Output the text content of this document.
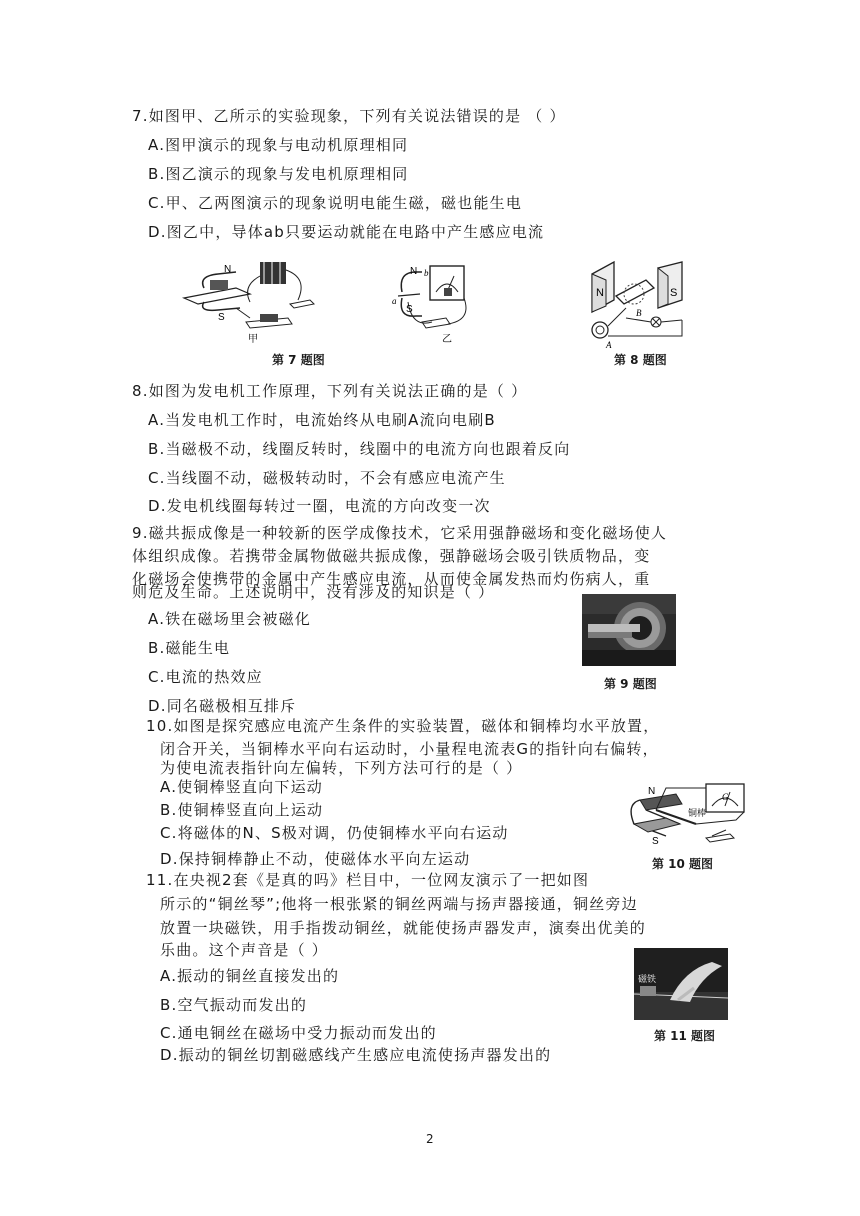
7.如图甲、乙所示的实验现象，下列有关说法错误的是 （ ）
A.图甲演示的现象与电动机原理相同
B.图乙演示的现象与发电机原理相同
C.甲、乙两图演示的现象说明电能生磁，磁也能生电
D.图乙中，导体ab只要运动就能在电路中产生感应电流
N
S
甲
N
S
a
b
乙
第 7 题图
N	S
A
B
第 8 题图
8.如图为发电机工作原理，下列有关说法正确的是（ ）
A.当发电机工作时，电流始终从电刷A流向电刷B
B.当磁极不动，线圈反转时，线圈中的电流方向也跟着反向
C.当线圈不动，磁极转动时，不会有感应电流产生
D.发电机线圈每转过一圈，电流的方向改变一次
9.磁共振成像是一种较新的医学成像技术，它采用强静磁场和变化磁场使人
体组织成像。若携带金属物做磁共振成像，强静磁场会吸引铁质物品，变
化磁场会使携带的金属中产生感应电流，从而使金属发热而灼伤病人，重
则危及生命。上述说明中，没有涉及的知识是（ ）
A.铁在磁场里会被磁化
B.磁能生电
C.电流的热效应
D.同名磁极相互排斥
第 9 题图
10.如图是探究感应电流产生条件的实验装置，磁体和铜棒均水平放置，
闭合开关，当铜棒水平向右运动时，小量程电流表G的指针向右偏转，
为使电流表指针向左偏转，下列方法可行的是（ ）
A.使铜棒竖直向下运动
B.使铜棒竖直向上运动
C.将磁体的N、S极对调，仍使铜棒水平向右运动
D.保持铜棒静止不动，使磁体水平向左运动
N
S
G
铜棒
第 10 题图
11.在央视2套《是真的吗》栏目中，一位网友演示了一把如图
所示的“铜丝琴”;他将一根张紧的铜丝两端与扬声器接通，铜丝旁边
放置一块磁铁，用手指拨动铜丝，就能使扬声器发声，演奏出优美的
乐曲。这个声音是（ ）
A.振动的铜丝直接发出的
B.空气振动而发出的
C.通电铜丝在磁场中受力振动而发出的
D.振动的铜丝切割磁感线产生感应电流使扬声器发出的
磁铁
第 11 题图
2
